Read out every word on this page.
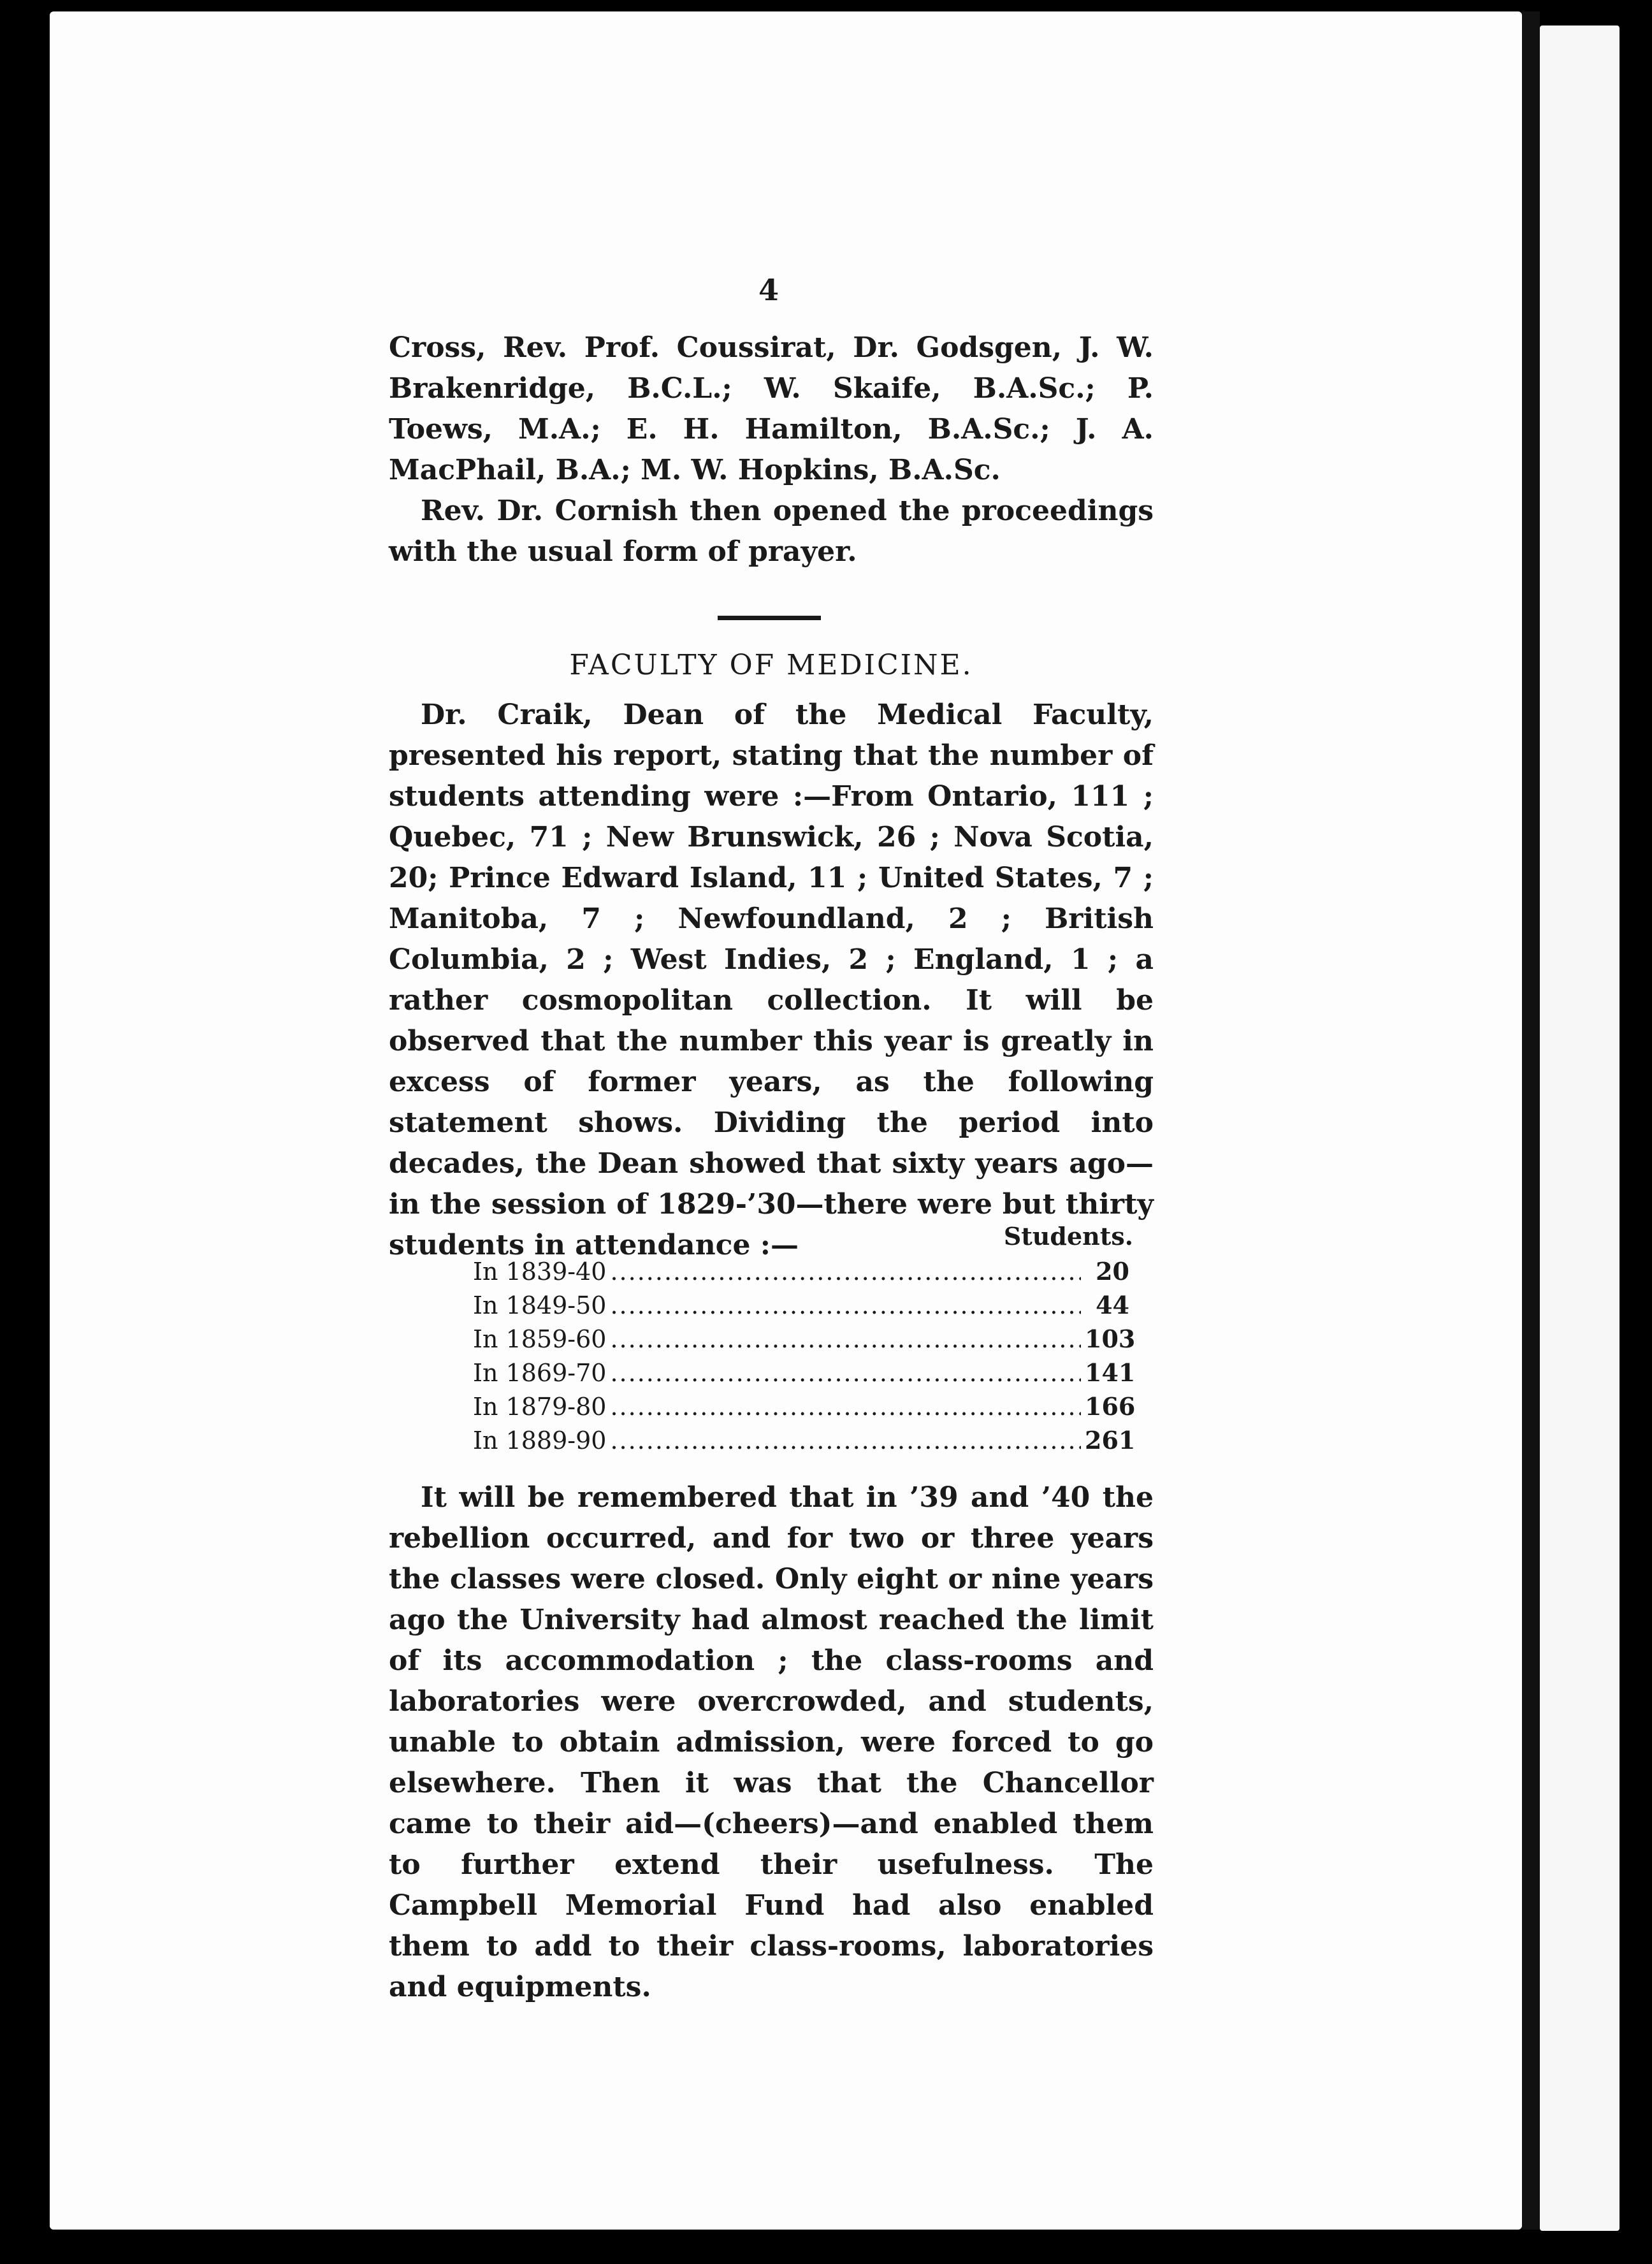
4

Cross, Rev. Prof. Coussirat, Dr. Godsgen, J. W. Brakenridge, B.C.L.; W. Skaife, B.A.Sc.; P. Toews, M.A.; E. H. Hamilton, B.A.Sc.; J. A. MacPhail, B.A.; M. W. Hopkins, B.A.Sc.

Rev. Dr. Cornish then opened the proceedings with the usual form of prayer.

FACULTY OF MEDICINE.

Dr. Craik, Dean of the Medical Faculty, presented his report, stating that the number of students attending were :—From Ontario, 111 ; Quebec, 71 ; New Brunswick, 26 ; Nova Scotia, 20; Prince Edward Island, 11 ; United States, 7 ; Manitoba, 7 ; Newfoundland, 2 ; British Columbia, 2 ; West Indies, 2 ; England, 1 ; a rather cosmopolitan collection. It will be observed that the number this year is greatly in excess of former years, as the following statement shows. Dividing the period into decades, the Dean showed that sixty years ago—in the session of 1829-’30—there were but thirty students in attendance :—	Students.
In 1839-40 .....	20
In 1849-50 .....	44
In 1859-60 .....	103
In 1869-70 .....	141
In 1879-80 .....	166
In 1889-90 .....	261

It will be remembered that in ’39 and ’40 the rebellion occurred, and for two or three years the classes were closed. Only eight or nine years ago the University had almost reached the limit of its accommodation ; the class-rooms and laboratories were overcrowded, and students, unable to obtain admission, were forced to go elsewhere. Then it was that the Chancellor came to their aid—(cheers)—and enabled them to further extend their usefulness. The Campbell Memorial Fund had also enabled them to add to their class-rooms, laboratories and equipments.
